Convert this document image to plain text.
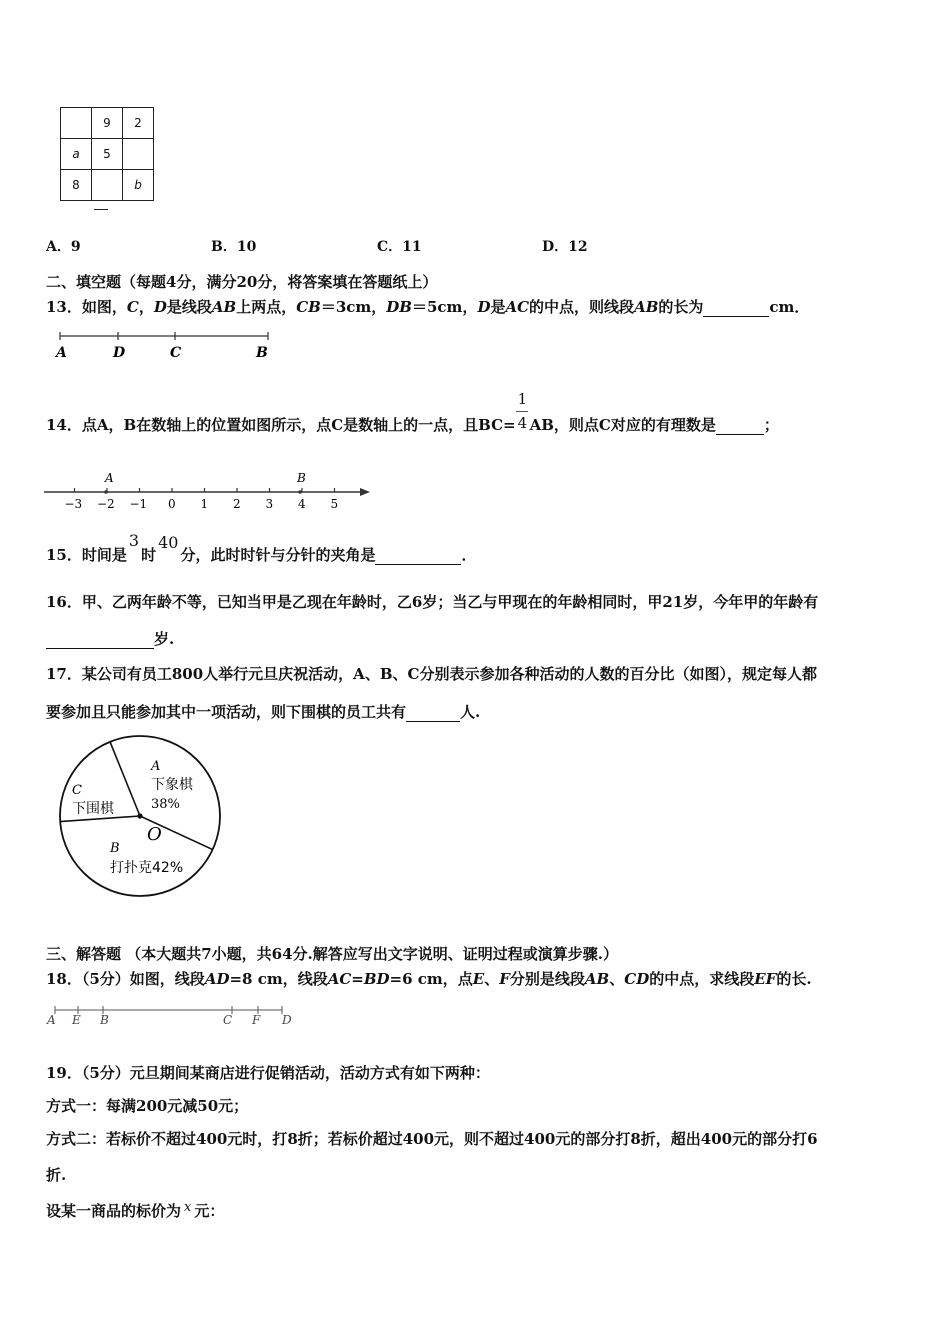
	9	2
a	5	
8		b
A．9	B．10	C．11	D．12
二、填空题（每题4分，满分20分，将答案填在答题纸上）
13．如图，C，D是线段AB上两点，CB＝3cm，DB＝5cm，D是AC的中点，则线段AB的长为	cm．
A	D	C	B
14．点A，B在数轴上的位置如图所示，点C是数轴上的一点，且$BC= \frac{1}{4}$ AB，则点C对应的有理数是	；
−3 −2 −1 0 1 2 3 4 5
A	B
15．时间是3时40分，此时时针与分针的夹角是	．
16．甲、乙两年龄不等，已知当甲是乙现在年龄时，乙6岁；当乙与甲现在的年龄相同时，甲21岁，今年甲的年龄有
岁.
17．某公司有员工800人举行元旦庆祝活动，A、B、C分别表示参加各种活动的人数的百分比（如图），规定每人都
要参加且只能参加其中一项活动，则下围棋的员工共有	人.
O
A
下象棋
38%
B
打扑克42%
C
下围棋
三、解答题 （本大题共7小题，共64分.解答应写出文字说明、证明过程或演算步骤.）
18．（5分）如图，线段AD=8 cm，线段AC=BD=6 cm，点E、F分别是线段AB、CD的中点，求线段EF的长.
A E B	C F D
19．（5分）元旦期间某商店进行促销活动，活动方式有如下两种：
方式一：每满200元减50元；
方式二：若标价不超过400元时，打8折；若标价超过400元，则不超过400元的部分打8折，超出400元的部分打6
折.
设某一商品的标价为 x 元：
